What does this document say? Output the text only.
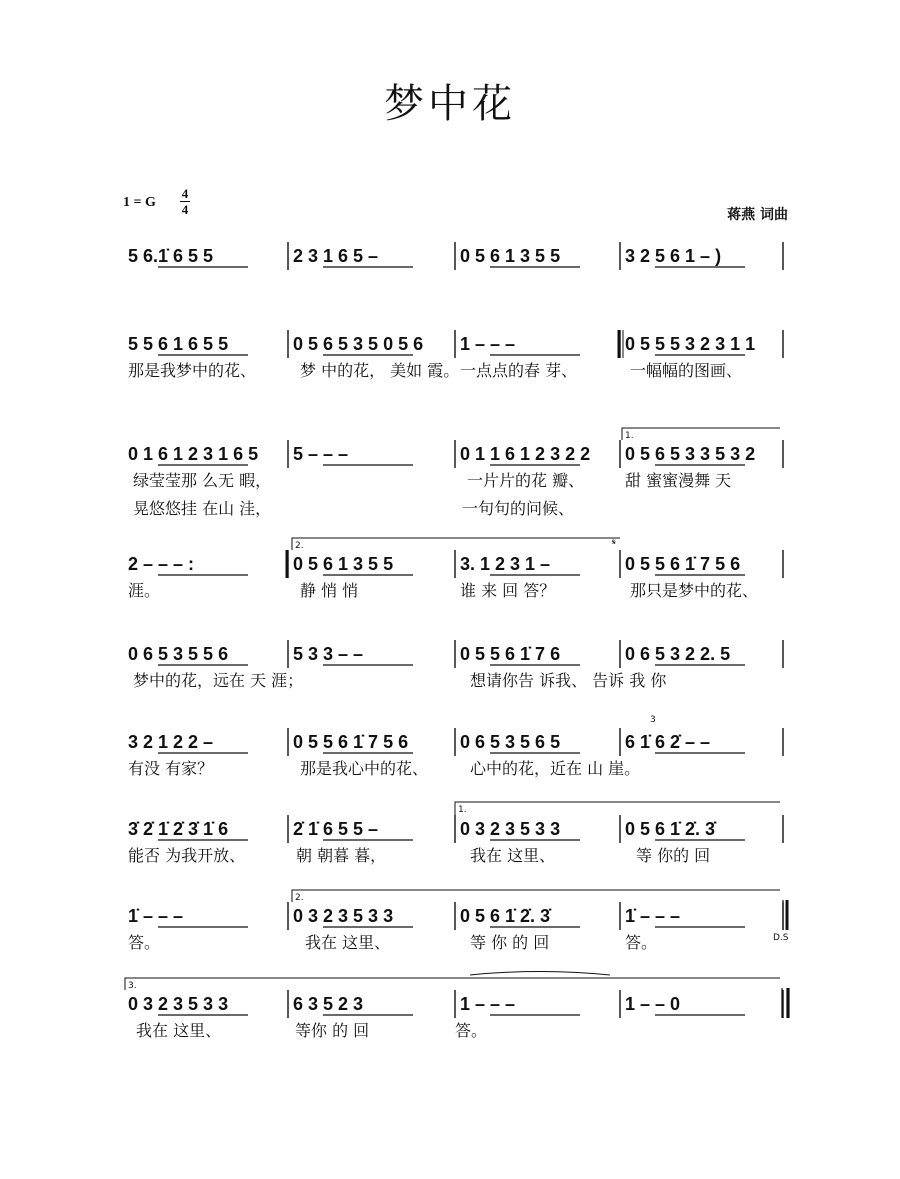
梦中花
1 = G
4
4	蒋燕 词曲
5 6.1̇ 6 5 5	2 3 1 6 5 –	0 5 6 1 3 5 5	3 2 5 6 1 – )
5 5 6 1 6 5 5	0 5 6 5 3 5 0 5 6 1 – – –	0 5 5 5 3 2 3 1 1
那是我梦中的花、	梦 中的花， 美如 霞。 一点点的春 芽、	一幅幅的图画、
0 1 6 1 2 3 1 6 5 5 – – –	0 1 1 6 1 2 3 2 2 0 5 6 5 3 3 5 3 2
绿莹莹那 么无 暇，	一片片的花 瓣、	甜 蜜蜜漫舞 天
晃悠悠挂 在山 洼，	一句句的问候、
2 – – – :	0 5 6 1 3 5 5	3. 1 2 3 1 –	0 5 5 6 1̇ 7 5 6
涯。	静 悄 悄	谁 来 回 答？	那只是梦中的花、
0 6 5 3 5 5 6	5 3 3 – –	0 5 5 6 1̇ 7 6	0 6 5 3 2 2. 5
梦中的花，远在 天 涯；	想请你告 诉我、 告诉 我 你
3 2 1 2 2 –	0 5 5 6 1̇ 7 5 6	0 6 5 3 5 6 5	6 1̇ 6 2̇ – –
有没 有家？	那是我心中的花、	心中的花，近在 山 崖。
3̇ 2̇ 1̇ 2̇ 3̇ 1̇ 6	2̇ 1̇ 6 5 5 –	0 3 2 3 5 3 3	0 5 6 1̇ 2̇. 3̇
能否 为我开放、	朝 朝暮 暮，	我在 这里、	等 你的 回
1̇ – – –	0 3 2 3 5 3 3	0 5 6 1̇ 2̇. 3̇	1̇ – – –
答。	我在 这里、	等 你 的 回	答。
0 3 2 3 5 3 3	6 3 5 2 3	1 – – –	1 – – 0
我在 这里、	等你 的 回	答。
1.
2.
1.
2.
3.
3
D.S
𝄋
